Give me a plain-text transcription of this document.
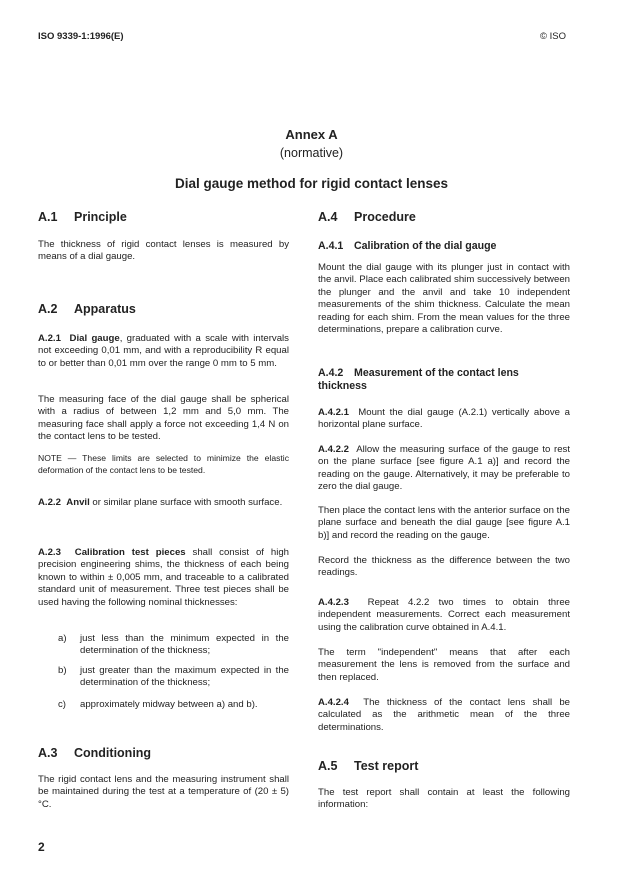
ISO 9339-1:1996(E)	© ISO
Annex A
(normative)
Dial gauge method for rigid contact lenses
A.1 Principle
The thickness of rigid contact lenses is measured by means of a dial gauge.
A.2 Apparatus
A.2.1 Dial gauge, graduated with a scale with intervals not exceeding 0,01 mm, and with a reproducibility R equal to or better than 0,01 mm over the range 0 mm to 5 mm.
The measuring face of the dial gauge shall be spherical with a radius of between 1,2 mm and 5,0 mm. The measuring face shall apply a force not exceeding 1,4 N on the contact lens to be tested.
NOTE — These limits are selected to minimize the elastic deformation of the contact lens to be tested.
A.2.2 Anvil or similar plane surface with smooth surface.
A.2.3 Calibration test pieces shall consist of high precision engineering shims, the thickness of each being known to within ± 0,005 mm, and traceable to a calibrated standard unit of measurement. Three test pieces shall be used having the following nominal thicknesses:
a) just less than the minimum expected in the determination of the thickness;
b) just greater than the maximum expected in the determination of the thickness;
c) approximately midway between a) and b).
A.3 Conditioning
The rigid contact lens and the measuring instrument shall be maintained during the test at a temperature of (20 ± 5) °C.
2
A.4 Procedure
A.4.1 Calibration of the dial gauge
Mount the dial gauge with its plunger just in contact with the anvil. Place each calibrated shim successively between the plunger and the anvil and take 10 independent measurements of the shim thickness. Calculate the mean reading for each shim. From the mean values for the three determinations, prepare a calibration curve.
A.4.2 Measurement of the contact lens thickness
A.4.2.1 Mount the dial gauge (A.2.1) vertically above a horizontal plane surface.
A.4.2.2 Allow the measuring surface of the gauge to rest on the plane surface [see figure A.1 a)] and record the reading on the gauge. Alternatively, it may be preferable to zero the dial gauge.
Then place the contact lens with the anterior surface on the plane surface and beneath the dial gauge [see figure A.1 b)] and record the reading on the gauge.
Record the thickness as the difference between the two readings.
A.4.2.3 Repeat 4.2.2 two times to obtain three independent measurements. Correct each measurement using the calibration curve obtained in A.4.1.
The term "independent" means that after each measurement the lens is removed from the surface and then replaced.
A.4.2.4 The thickness of the contact lens shall be calculated as the arithmetic mean of the three determinations.
A.5 Test report
The test report shall contain at least the following information:
